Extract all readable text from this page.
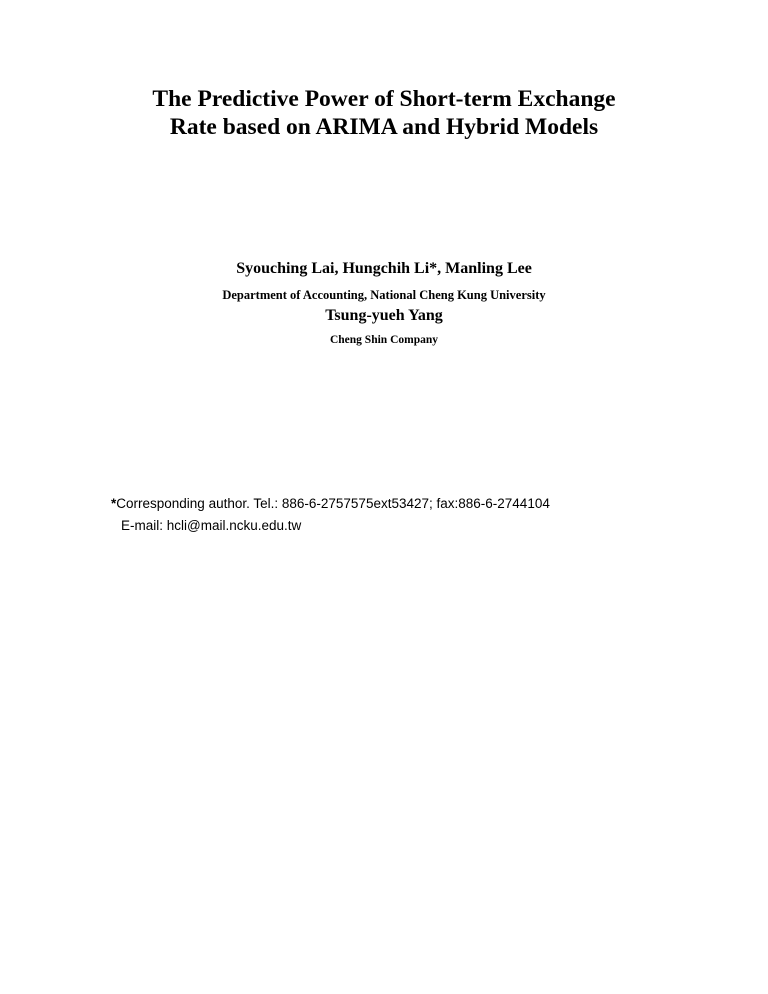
The Predictive Power of Short-term Exchange
Rate based on ARIMA and Hybrid Models
Syouching Lai, Hungchih Li*, Manling Lee
Department of Accounting, National Cheng Kung University
Tsung-yueh Yang
Cheng Shin Company
*Corresponding author. Tel.: 886-6-2757575ext53427; fax:886-6-2744104
E-mail: hcli@mail.ncku.edu.tw
